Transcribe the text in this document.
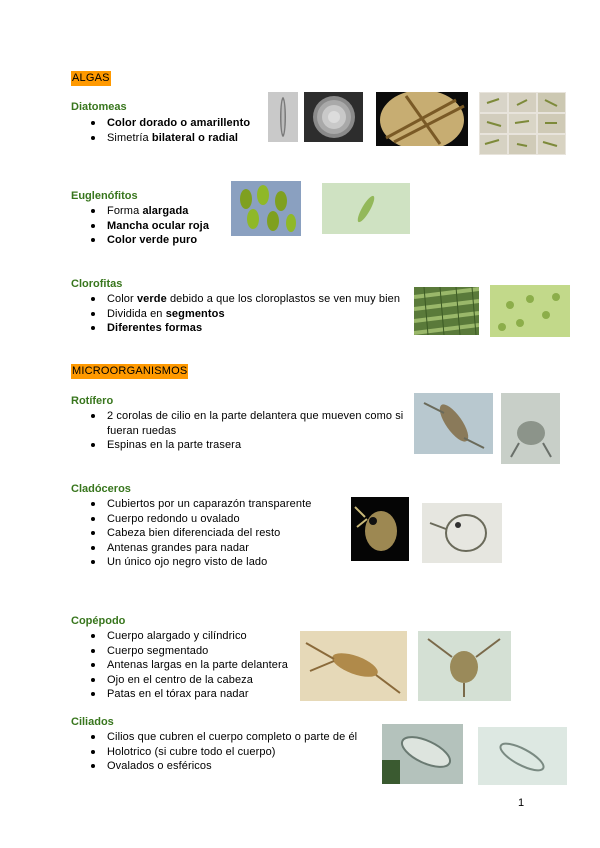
ALGAS
Diatomeas
Color dorado o amarillento
Simetría bilateral o radial
Euglenófitos
Forma alargada
Mancha ocular roja
Color verde puro
Clorofitas
Color verde debido a que los cloroplastos se ven muy bien
Dividida en segmentos
Diferentes formas
MICROORGANISMOS
Rotífero
2 corolas de cilio en la parte delantera que mueven como si fueran ruedas
Espinas en la parte trasera
Cladóceros
Cubiertos por un caparazón transparente
Cuerpo redondo u ovalado
Cabeza bien diferenciada del resto
Antenas grandes para nadar
Un único ojo negro visto de lado
Copépodo
Cuerpo alargado y cilíndrico
Cuerpo segmentado
Antenas largas en la parte delantera
Ojo en el centro de la cabeza
Patas en el tórax para nadar
Ciliados
Cilios que cubren el cuerpo completo o parte de él
Holotrico (si cubre todo el cuerpo)
Ovalados o esféricos
1
